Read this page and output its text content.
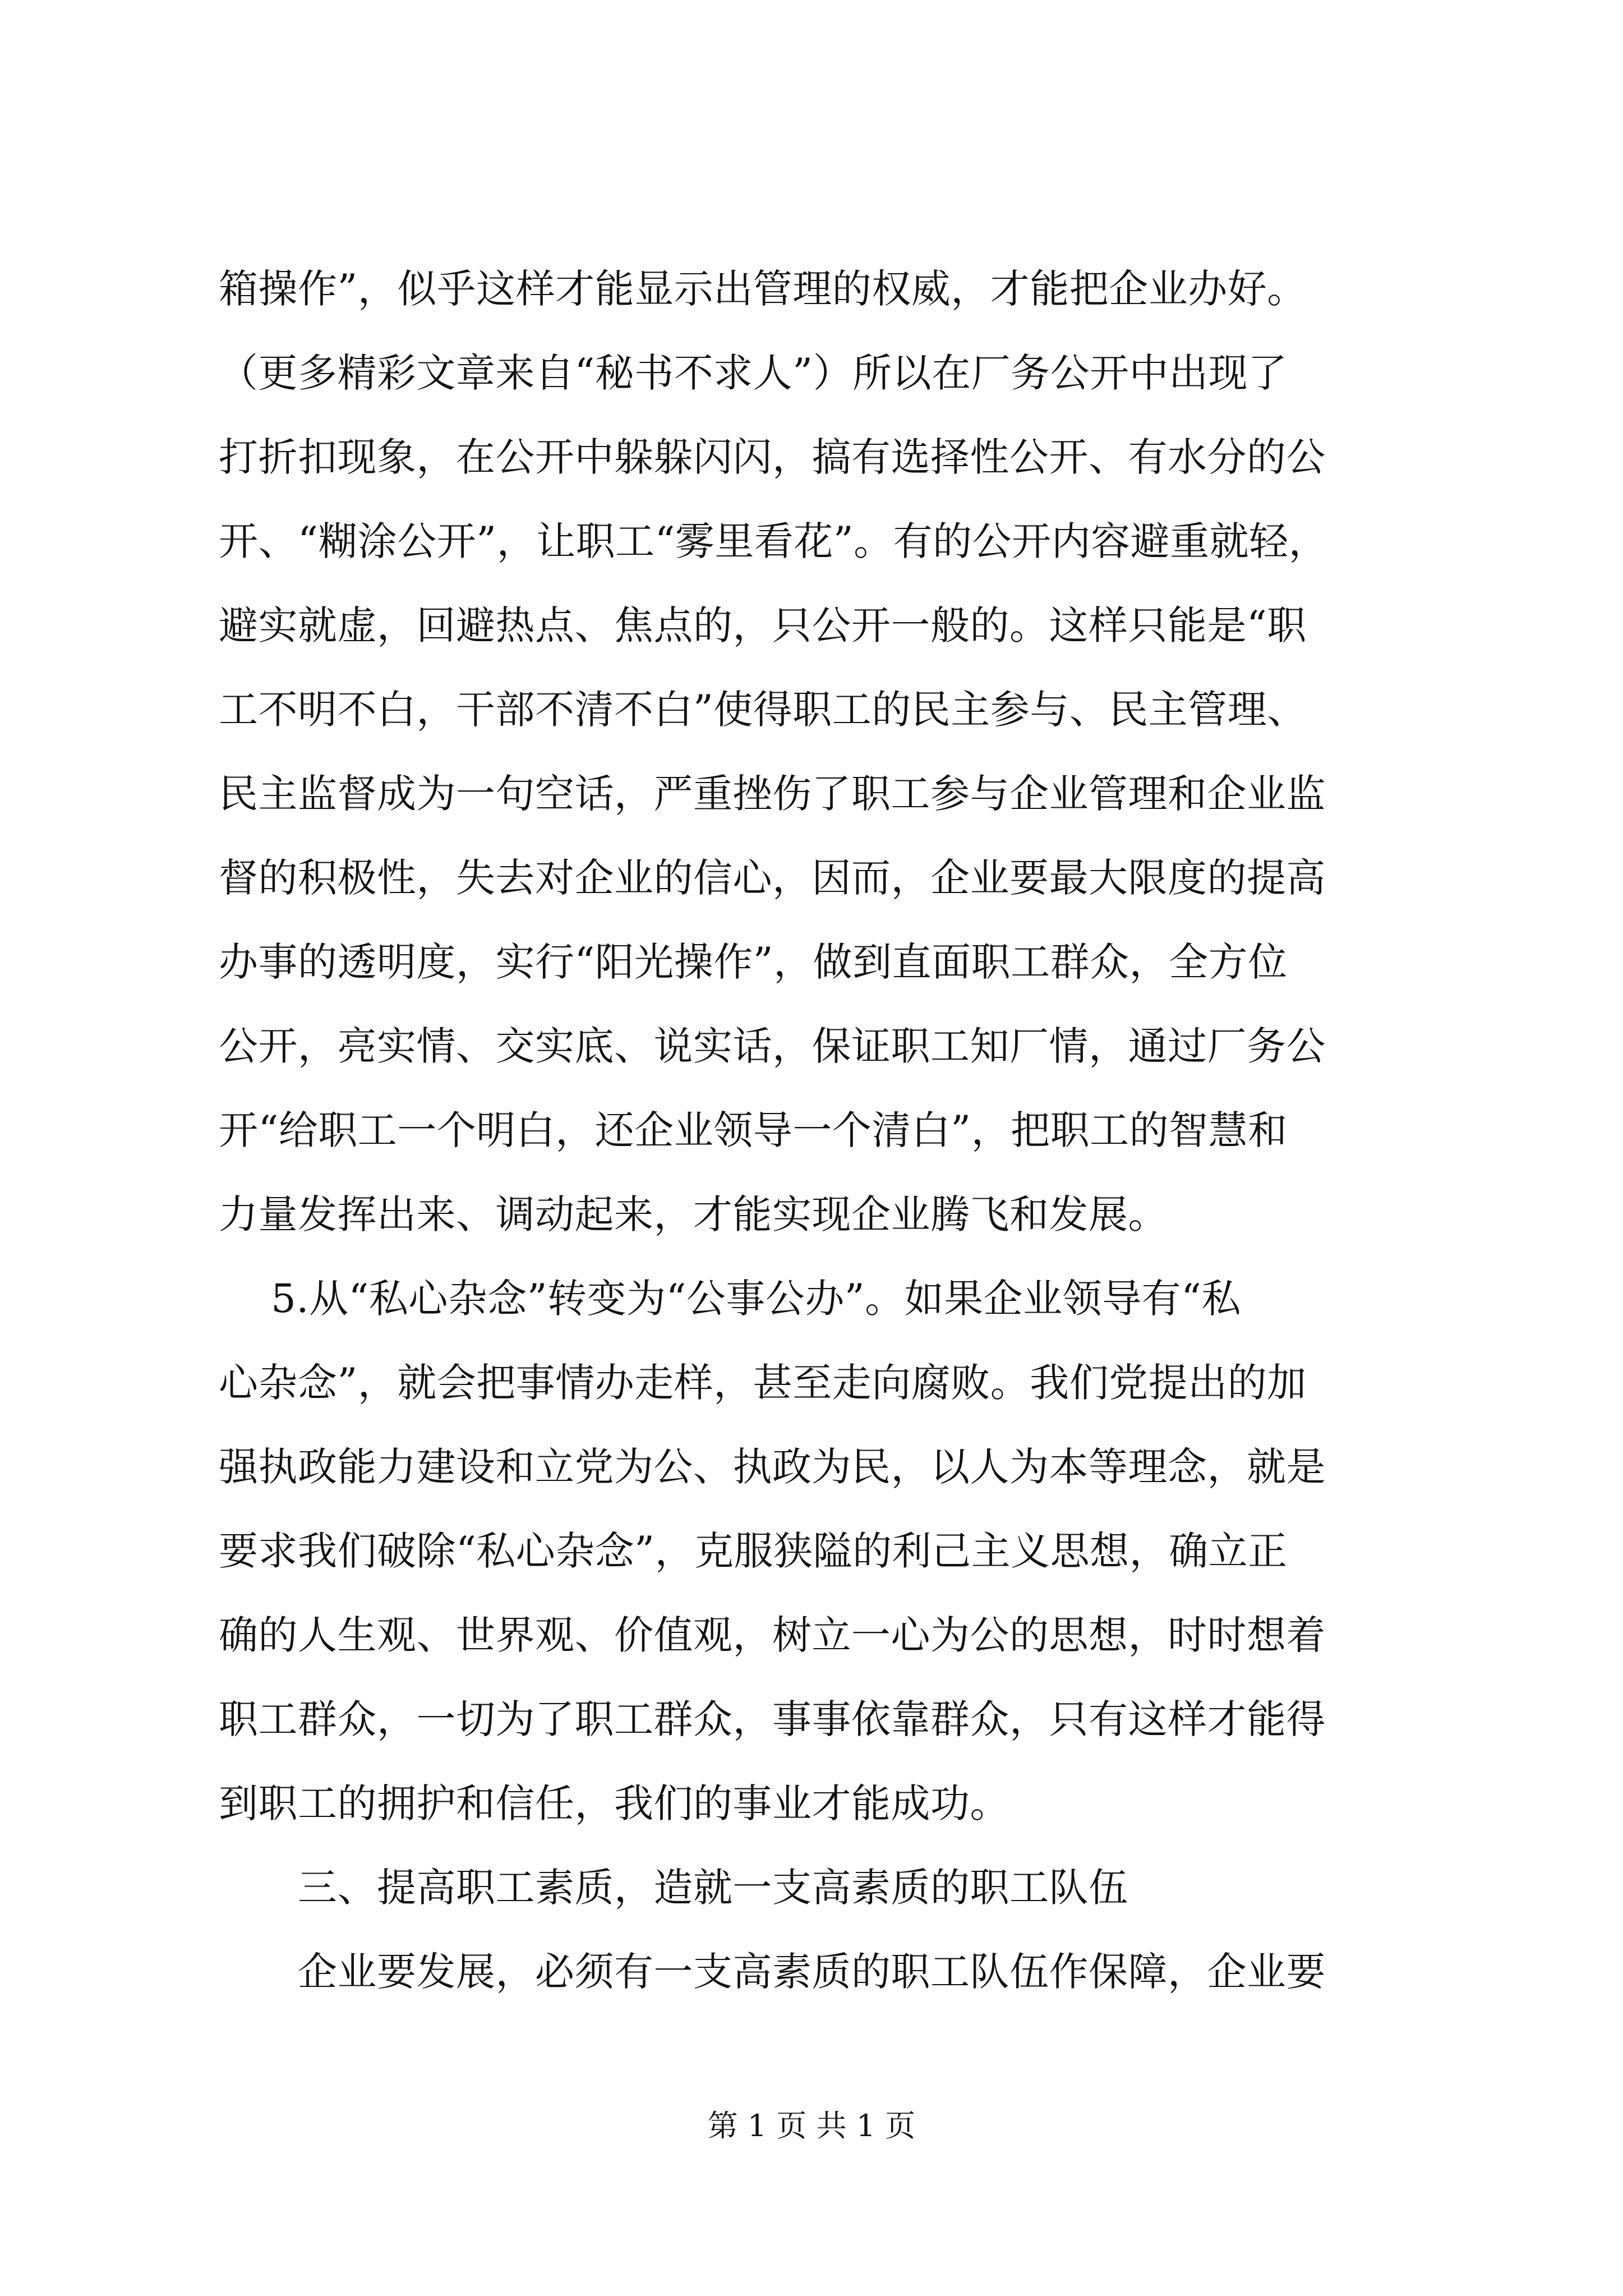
箱操作”，似乎这样才能显示出管理的权威，才能把企业办好。
（更多精彩文章来自“秘书不求人”）所以在厂务公开中出现了
打折扣现象，在公开中躲躲闪闪，搞有选择性公开、有水分的公
开、“糊涂公开”，让职工“雾里看花”。有的公开内容避重就轻，
避实就虚，回避热点、焦点的，只公开一般的。这样只能是“职
工不明不白，干部不清不白”使得职工的民主参与、民主管理、
民主监督成为一句空话，严重挫伤了职工参与企业管理和企业监
督的积极性，失去对企业的信心，因而，企业要最大限度的提高
办事的透明度，实行“阳光操作”，做到直面职工群众，全方位
公开，亮实情、交实底、说实话，保证职工知厂情，通过厂务公
开“给职工一个明白，还企业领导一个清白”，把职工的智慧和
力量发挥出来、调动起来，才能实现企业腾飞和发展。
　 5.从“私心杂念”转变为“公事公办”。如果企业领导有“私
心杂念”，就会把事情办走样，甚至走向腐败。我们党提出的加
强执政能力建设和立党为公、执政为民，以人为本等理念，就是
要求我们破除“私心杂念”，克服狭隘的利己主义思想，确立正
确的人生观、世界观、价值观，树立一心为公的思想，时时想着
职工群众，一切为了职工群众，事事依靠群众，只有这样才能得
到职工的拥护和信任，我们的事业才能成功。
　　三、提高职工素质，造就一支高素质的职工队伍
　　企业要发展，必须有一支高素质的职工队伍作保障，企业要
第 1 页 共 1 页
